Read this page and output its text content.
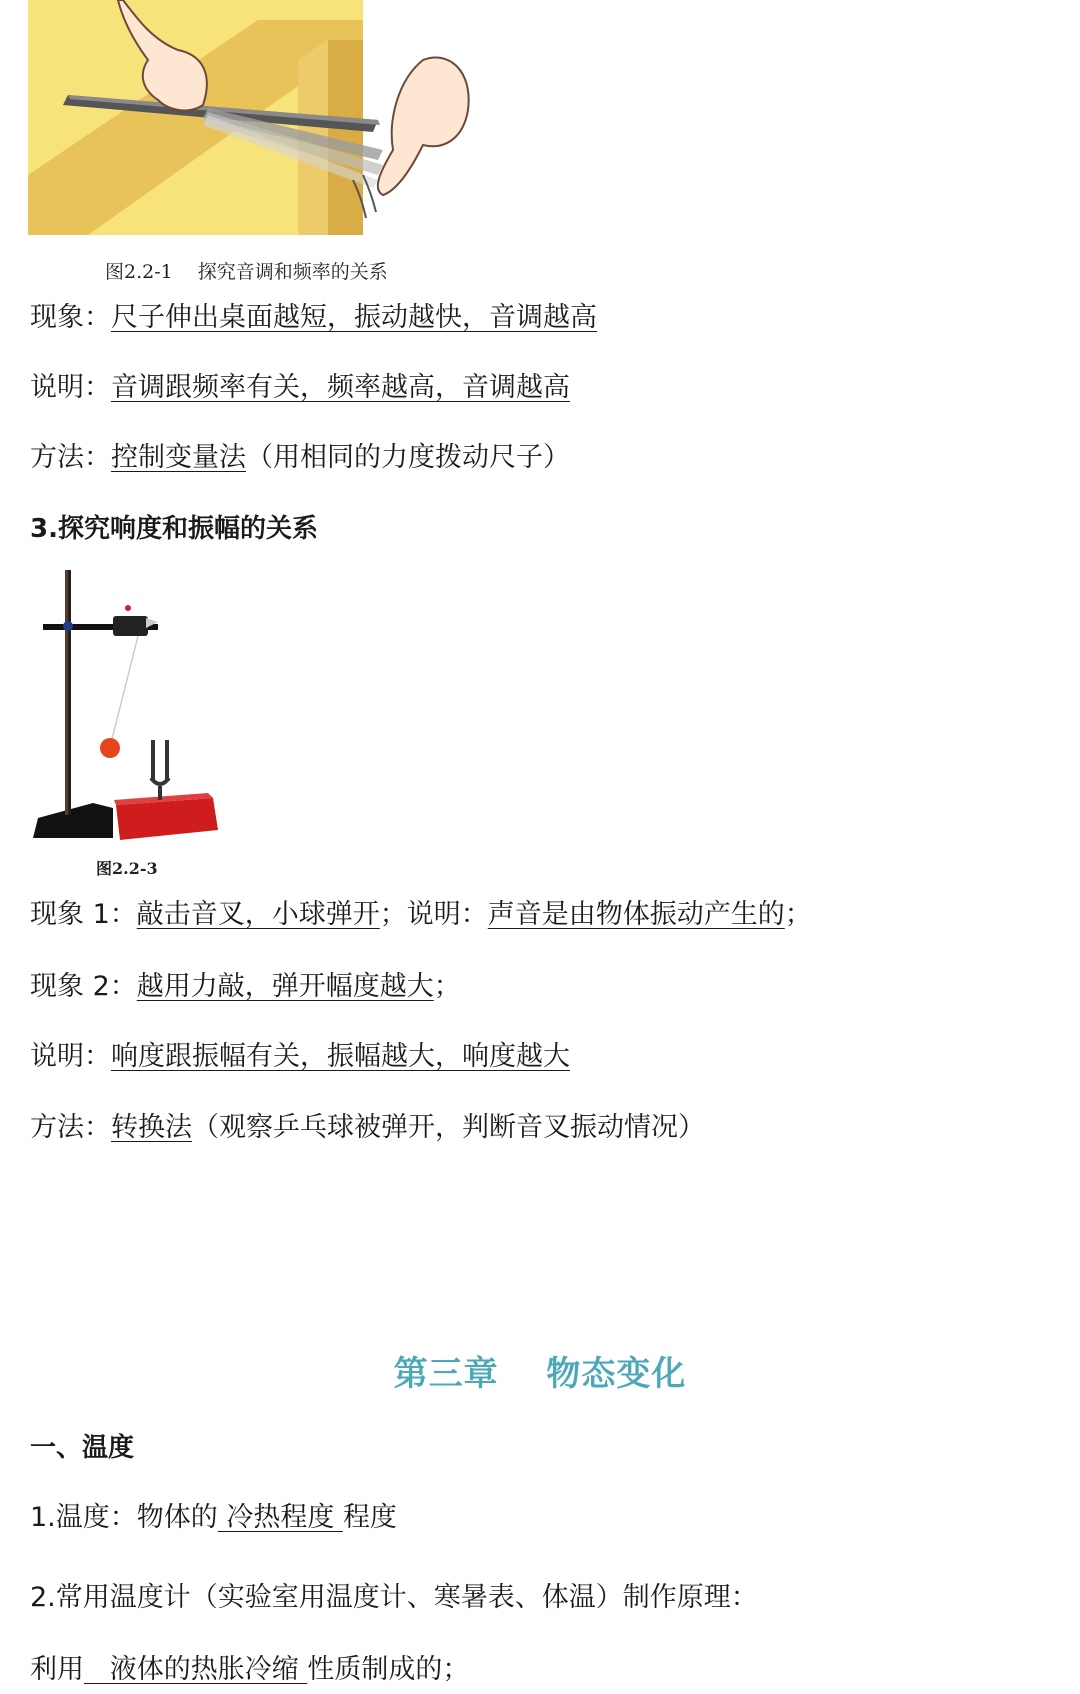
图2.2-1　 探究音调和频率的关系
现象：尺子伸出桌面越短，振动越快，音调越高
说明：音调跟频率有关，频率越高，音调越高
方法：控制变量法（用相同的力度拨动尺子）
3.探究响度和振幅的关系
图2.2-3
现象 1：敲击音叉，小球弹开；说明：声音是由物体振动产生的；
现象 2：越用力敲，弹开幅度越大；
说明：响度跟振幅有关，振幅越大，响度越大
方法：转换法（观察乒乓球被弹开，判断音叉振动情况）
第三章　 物态变化
一、温度
1.温度：物体的 冷热程度 程度
2.常用温度计（实验室用温度计、寒暑表、体温）制作原理：
利用   液体的热胀冷缩 性质制成的；
